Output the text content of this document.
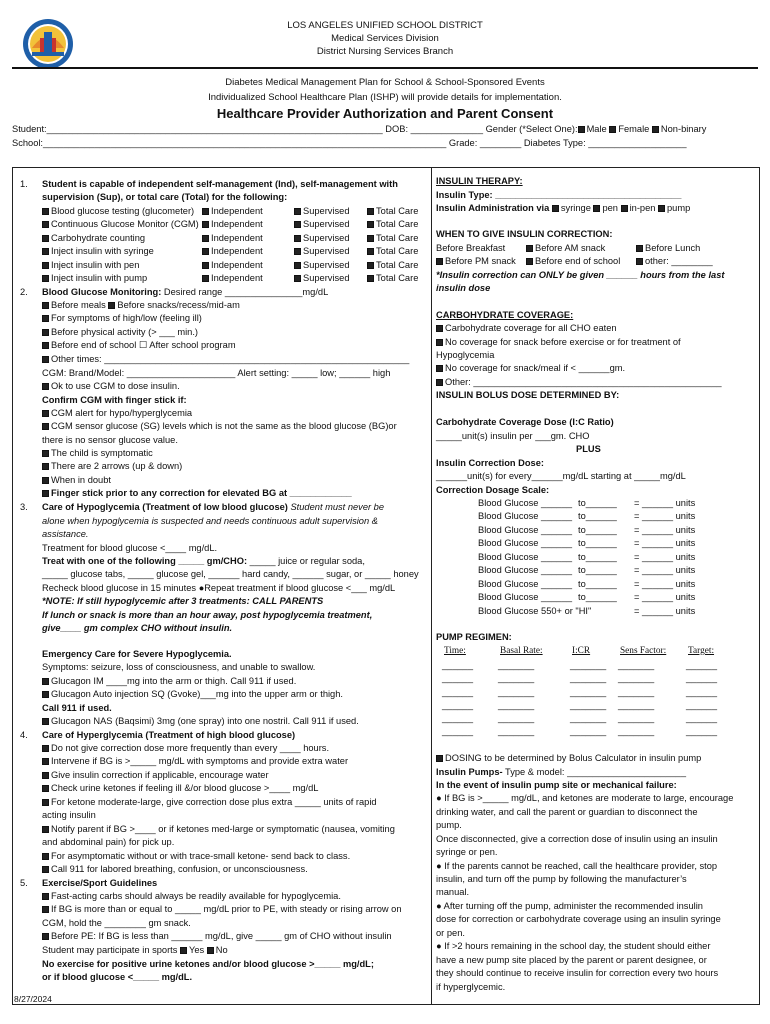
LOS ANGELES UNIFIED SCHOOL DISTRICT
Medical Services Division
District Nursing Services Branch
Diabetes Medical Management Plan for School & School-Sponsored Events
Individualized School Healthcare Plan (ISHP) will provide details for implementation.
Healthcare Provider Authorization and Parent Consent
Student:_________________________________________________________________ DOB: ______________ Gender (*Select One): Male Female Non-binary
School:______________________________________________________________________________ Grade: ________ Diabetes Type: ___________________
1. Student is capable of independent self-management (Ind), self-management with
supervision (Sup), or total care (Total) for the following:
Blood glucose testing (glucometer)	Independent	Supervised	Total Care
Continuous Glucose Monitor (CGM)	Independent	Supervised	Total Care
Carbohydrate counting	Independent	Supervised	Total Care
Inject insulin with syringe	Independent	Supervised	Total Care
Inject insulin with pen	Independent	Supervised	Total Care
Inject insulin with pump	Independent	Supervised	Total Care
2. Blood Glucose Monitoring: Desired range _______________mg/dL
Before meals Before snacks/recess/mid-am
For symptoms of high/low (feeling ill)
Before physical activity (> ___ min.)
Before end of school ☐ After school program
Other times: ___________________________________________________________
CGM: Brand/Model: _____________________ Alert setting: _____ low; ______ high
Ok to use CGM to dose insulin.
Confirm CGM with finger stick if:
CGM alert for hypo/hyperglycemia
CGM sensor glucose (SG) levels which is not the same as the blood glucose (BG)or
there is no sensor glucose value.
The child is symptomatic
There are 2 arrows (up & down)
When in doubt
Finger stick prior to any correction for elevated BG at ____________
3. Care of Hypoglycemia (Treatment of low blood glucose) Student must never be
alone when hypoglycemia is suspected and needs continuous adult supervision &
assistance.
Treatment for blood glucose <____ mg/dL.
Treat with one of the following _____ gm/CHO: _____ juice or regular soda,
_____ glucose tabs, _____ glucose gel, ______ hard candy, ______ sugar, or _____ honey
Recheck blood glucose in 15 minutes ●Repeat treatment if blood glucose <___ mg/dL
*NOTE: If still hypoglycemic after 3 treatments: CALL PARENTS
If lunch or snack is more than an hour away, post hypoglycemia treatment,
give____ gm complex CHO without insulin.
Emergency Care for Severe Hypoglycemia.
Symptoms: seizure, loss of consciousness, and unable to swallow.
Glucagon IM ____mg into the arm or thigh. Call 911 if used.
Glucagon Auto injection SQ (Gvoke)___mg into the upper arm or thigh.
Call 911 if used.
Glucagon NAS (Baqsimi) 3mg (one spray) into one nostril. Call 911 if used.
4. Care of Hyperglycemia (Treatment of high blood glucose)
Do not give correction dose more frequently than every ____ hours.
Intervene if BG is >_____ mg/dL with symptoms and provide extra water
Give insulin correction if applicable, encourage water
Check urine ketones if feeling ill &/or blood glucose >____ mg/dL
For ketone moderate-large, give correction dose plus extra _____ units of rapid
acting insulin
Notify parent if BG >____ or if ketones med-large or symptomatic (nausea, vomiting
and abdominal pain) for pick up.
For asymptomatic without or with trace-small ketone- send back to class.
Call 911 for labored breathing, confusion, or unconsciousness.
5. Exercise/Sport Guidelines
Fast-acting carbs should always be readily available for hypoglycemia.
If BG is more than or equal to _____ mg/dL prior to PE, with steady or rising arrow on
CGM, hold the ________ gm snack.
Before PE: If BG is less than ______ mg/dL, give _____ gm of CHO without insulin
Student may participate in sports Yes No
No exercise for positive urine ketones and/or blood glucose >_____ mg/dL;
or if blood glucose <_____ mg/dL.
8/27/2024
INSULIN THERAPY:
Insulin Type: ____________________________________
Insulin Administration via syringe pen in-pen pump
WHEN TO GIVE INSULIN CORRECTION:
Before Breakfast	Before AM snack	Before Lunch
Before PM snack	Before end of school	other: ________
*Insulin correction can ONLY be given ______ hours from the last
insulin dose
CARBOHYDRATE COVERAGE:
Carbohydrate coverage for all CHO eaten
No coverage for snack before exercise or for treatment of
Hypoglycemia
No coverage for snack/meal if < ______gm.
Other: ________________________________________________
INSULIN BOLUS DOSE DETERMINED BY:
Carbohydrate Coverage Dose (I:C Ratio)
_____unit(s) insulin per ___gm. CHO
PLUS
Insulin Correction Dose:
______unit(s) for every______mg/dL starting at _____mg/dL
Correction Dosage Scale:
Blood Glucose ______ to______ = ______ units
Blood Glucose ______ to______ = ______ units
Blood Glucose ______ to______ = ______ units
Blood Glucose ______ to______ = ______ units
Blood Glucose ______ to______ = ______ units
Blood Glucose ______ to______ = ______ units
Blood Glucose ______ to______ = ______ units
Blood Glucose ______ to______ = ______ units
Blood Glucose 550+ or "HI"	= ______ units
PUMP REGIMEN:
Time:	Basal Rate:	I:CR	Sens Factor: Target:
______	_______	_______ _______	______
______	_______	_______ _______	______
______	_______	_______ _______	______
______	_______	_______ _______	______
______	_______	_______ _______	______
______	_______	_______ _______	______
DOSING to be determined by Bolus Calculator in insulin pump
Insulin Pumps- Type & model: _______________________
In the event of insulin pump site or mechanical failure:
● If BG is >_____ mg/dL, and ketones are moderate to large, encourage
drinking water, and call the parent or guardian to disconnect the
pump.
Once disconnected, give a correction dose of insulin using an insulin
syringe or pen.
● If the parents cannot be reached, call the healthcare provider, stop
insulin, and turn off the pump by following the manufacturer’s
manual.
● After turning off the pump, administer the recommended insulin
dose for correction or carbohydrate coverage using an insulin syringe
or pen.
● If >2 hours remaining in the school day, the student should either
have a new pump site placed by the parent or parent designee, or
they should continue to receive insulin for correction every two hours
if hyperglycemic.
